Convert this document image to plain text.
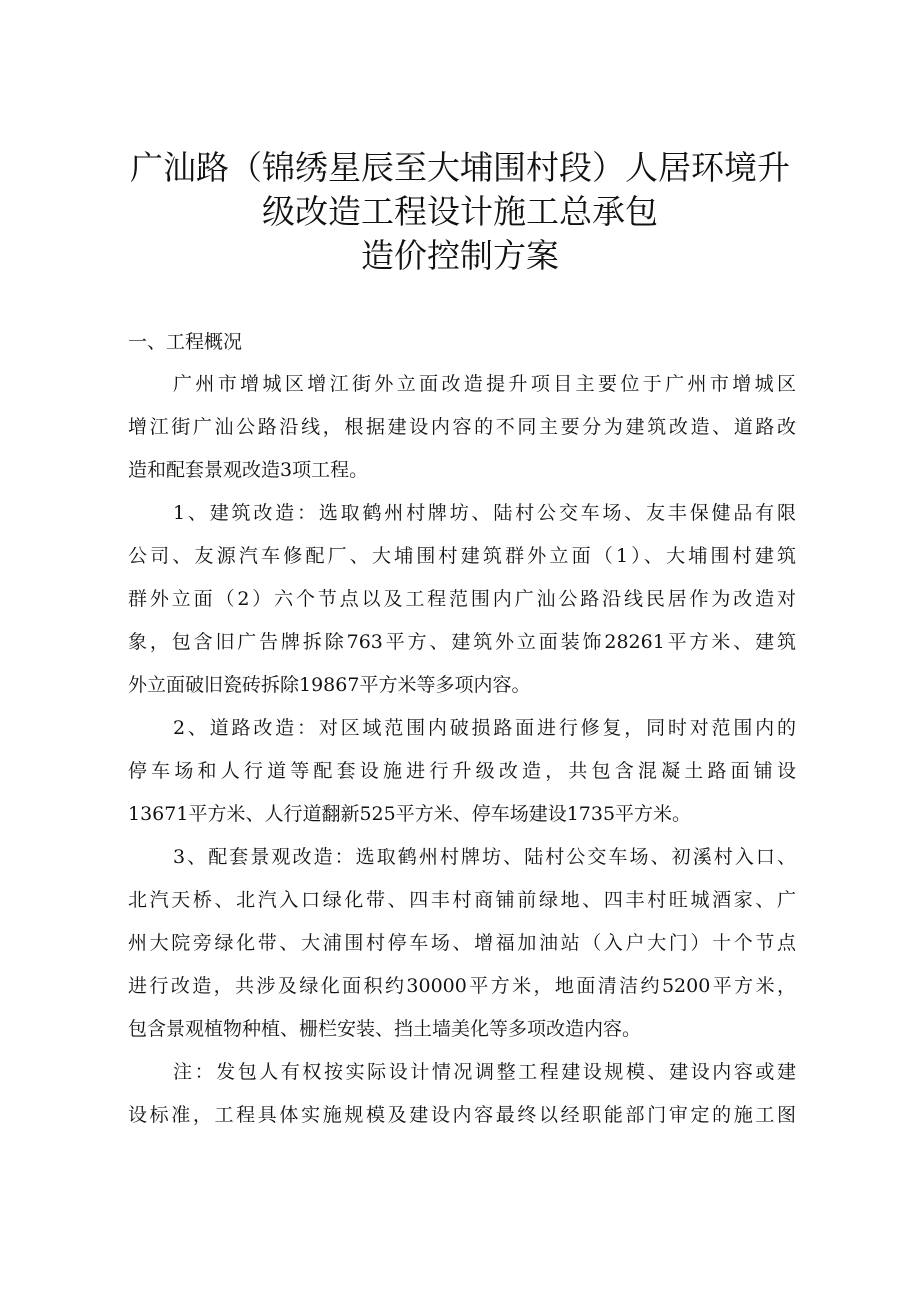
广汕路（锦绣星辰至大埔围村段）人居环境升
级改造工程设计施工总承包
造价控制方案
一、工程概况
广州市增城区增江街外立面改造提升项目主要位于广州市增城区
增江街广汕公路沿线，根据建设内容的不同主要分为建筑改造、道路改
造和配套景观改造3项工程。
1、建筑改造：选取鹤州村牌坊、陆村公交车场、友丰保健品有限
公司、友源汽车修配厂、大埔围村建筑群外立面（1）、大埔围村建筑
群外立面（2）六个节点以及工程范围内广汕公路沿线民居作为改造对
象，包含旧广告牌拆除763平方、建筑外立面装饰28261平方米、建筑
外立面破旧瓷砖拆除19867平方米等多项内容。
2、道路改造：对区域范围内破损路面进行修复，同时对范围内的
停车场和人行道等配套设施进行升级改造，共包含混凝土路面铺设
13671平方米、人行道翻新525平方米、停车场建设1735平方米。
3、配套景观改造：选取鹤州村牌坊、陆村公交车场、初溪村入口、
北汽天桥、北汽入口绿化带、四丰村商铺前绿地、四丰村旺城酒家、广
州大院旁绿化带、大浦围村停车场、增福加油站（入户大门）十个节点
进行改造，共涉及绿化面积约30000平方米，地面清洁约5200平方米，
包含景观植物种植、栅栏安装、挡土墙美化等多项改造内容。
注：发包人有权按实际设计情况调整工程建设规模、建设内容或建
设标准，工程具体实施规模及建设内容最终以经职能部门审定的施工图
